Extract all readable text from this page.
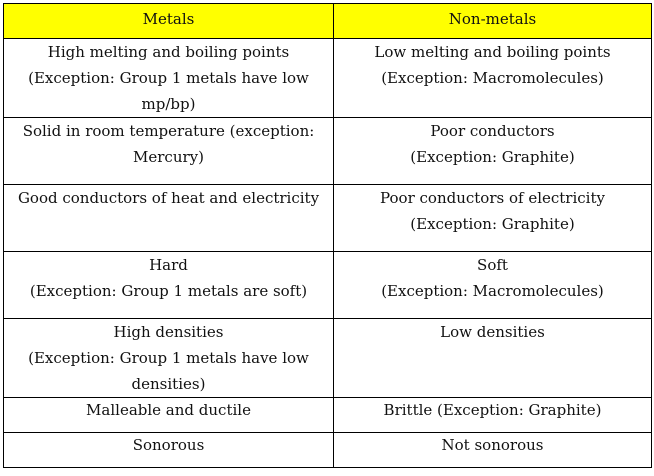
Metals	Non-metals

High melting and boiling points
(Exception: Group 1 metals have low
mp/bp)	Low melting and boiling points
(Exception: Macromolecules)

Solid in room temperature (exception:
Mercury)	Poor conductors
(Exception: Graphite)

Good conductors of heat and electricity	Poor conductors of electricity
(Exception: Graphite)

Hard
(Exception: Group 1 metals are soft)	Soft
(Exception: Macromolecules)

High densities
(Exception: Group 1 metals have low
densities)	Low densities

Malleable and ductile	Brittle (Exception: Graphite)

Sonorous	Not sonorous
